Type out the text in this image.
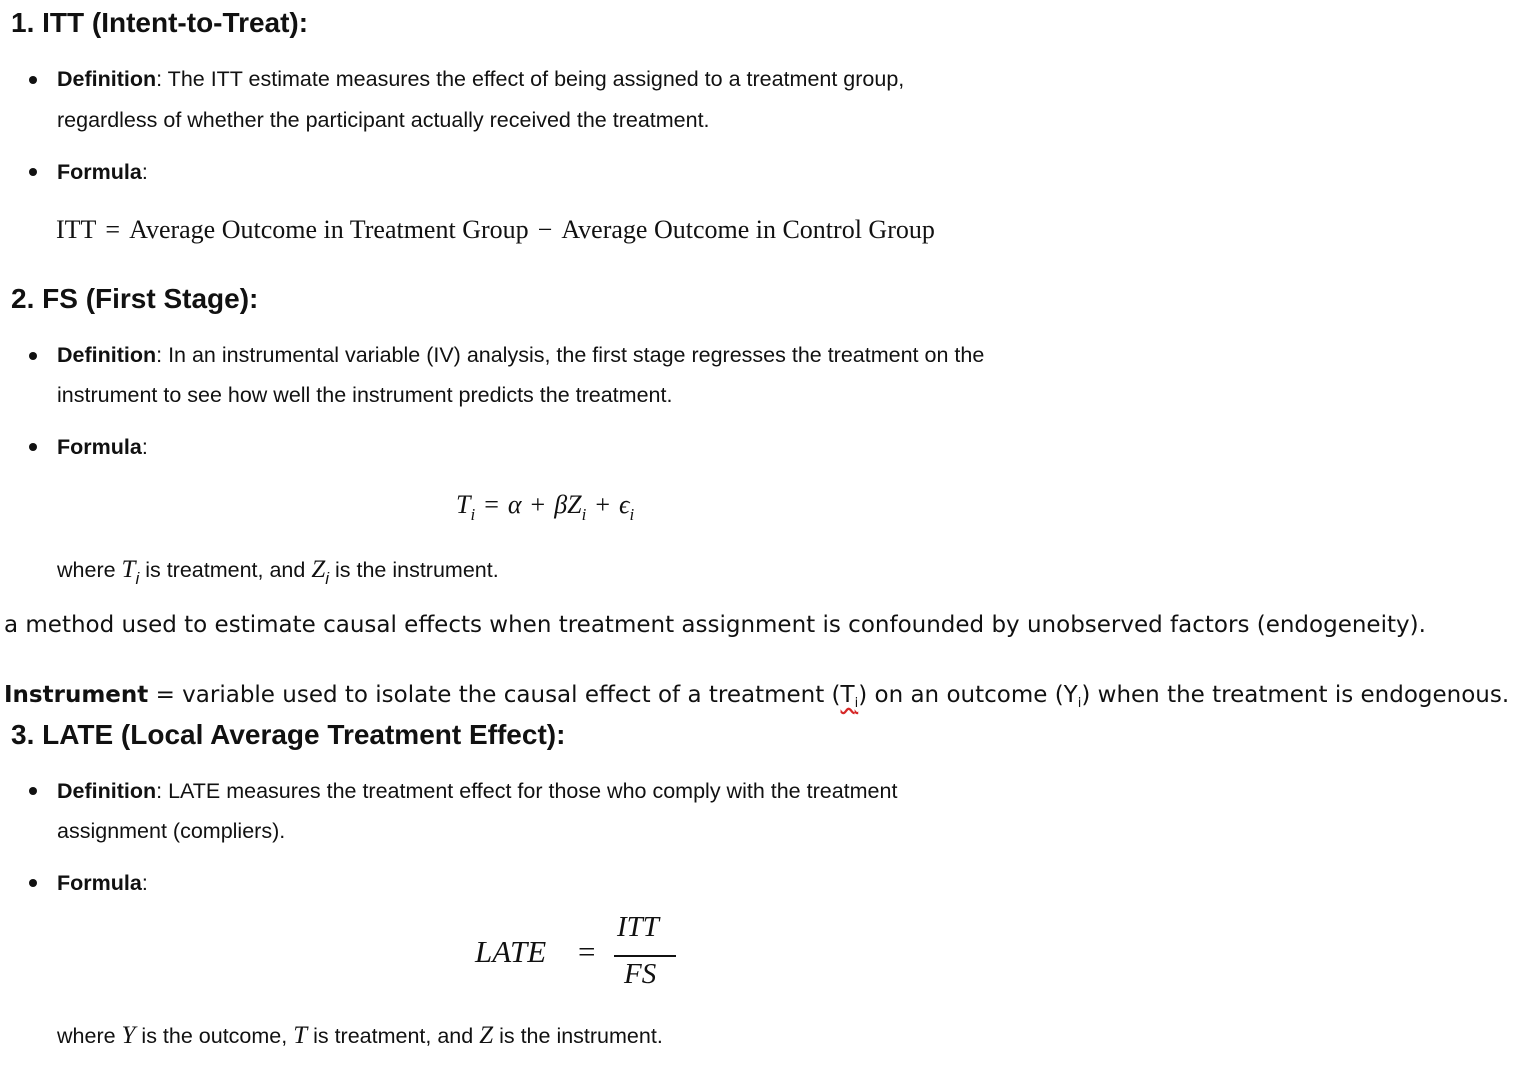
1. ITT (Intent-to-Treat):
Definition: The ITT estimate measures the effect of being assigned to a treatment group,
regardless of whether the participant actually received the treatment.
Formula:
ITT = Average Outcome in Treatment Group − Average Outcome in Control Group
2. FS (First Stage):
Definition: In an instrumental variable (IV) analysis, the first stage regresses the treatment on the
instrument to see how well the instrument predicts the treatment.
Formula:
$T_i = \alpha + \beta Z_i + \epsilon_i$
where $T_i$ is treatment, and $Z_i$ is the instrument.
a method used to estimate causal effects when treatment assignment is confounded by unobserved factors (endogeneity).
Instrument = variable used to isolate the causal effect of a treatment $(T_i)$ on an outcome $(Y_i)$ when the treatment is endogenous.
3. LATE (Local Average Treatment Effect):
Definition: LATE measures the treatment effect for those who comply with the treatment
assignment (compliers).
Formula:
LATE =
ITT
FS
where Y is the outcome, T is treatment, and Z is the instrument.
